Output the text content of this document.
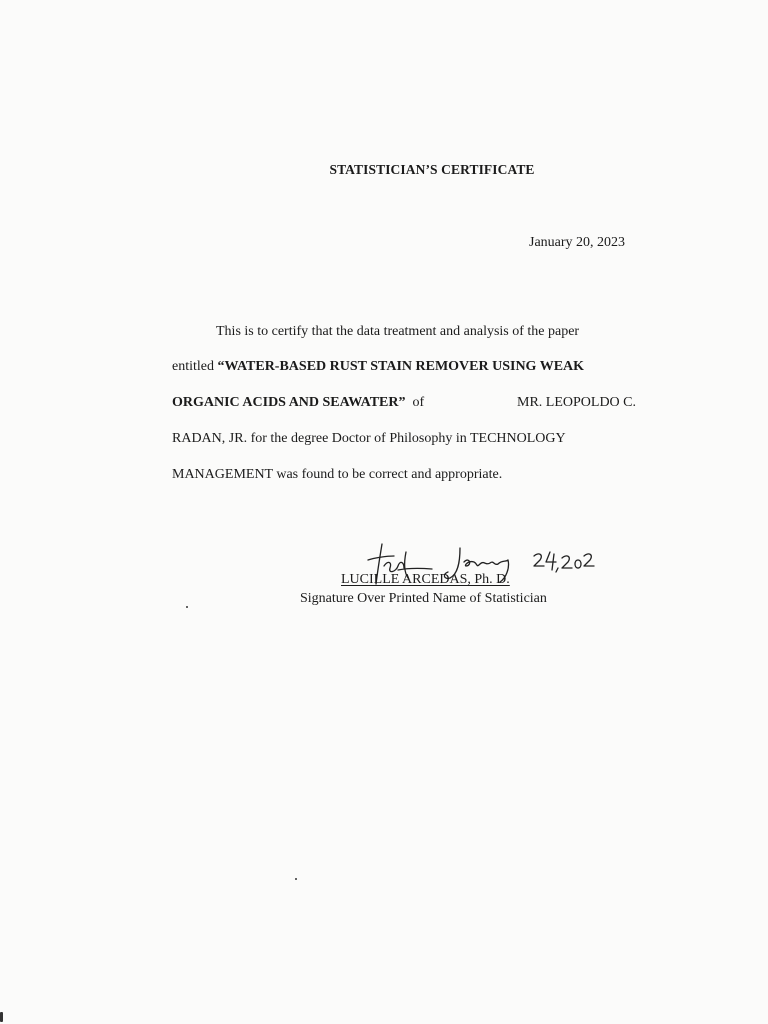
STATISTICIAN’S CERTIFICATE
January 20, 2023
This is to certify that the data treatment and analysis of the paper
entitled “WATER-BASED RUST STAIN REMOVER USING WEAK
ORGANIC ACIDS AND SEAWATER”  of	MR. LEOPOLDO C.
RADAN, JR. for the degree Doctor of Philosophy in TECHNOLOGY
MANAGEMENT was found to be correct and appropriate.
LUCILLE ARCEDAS, Ph. D.
Signature Over Printed Name of Statistician
